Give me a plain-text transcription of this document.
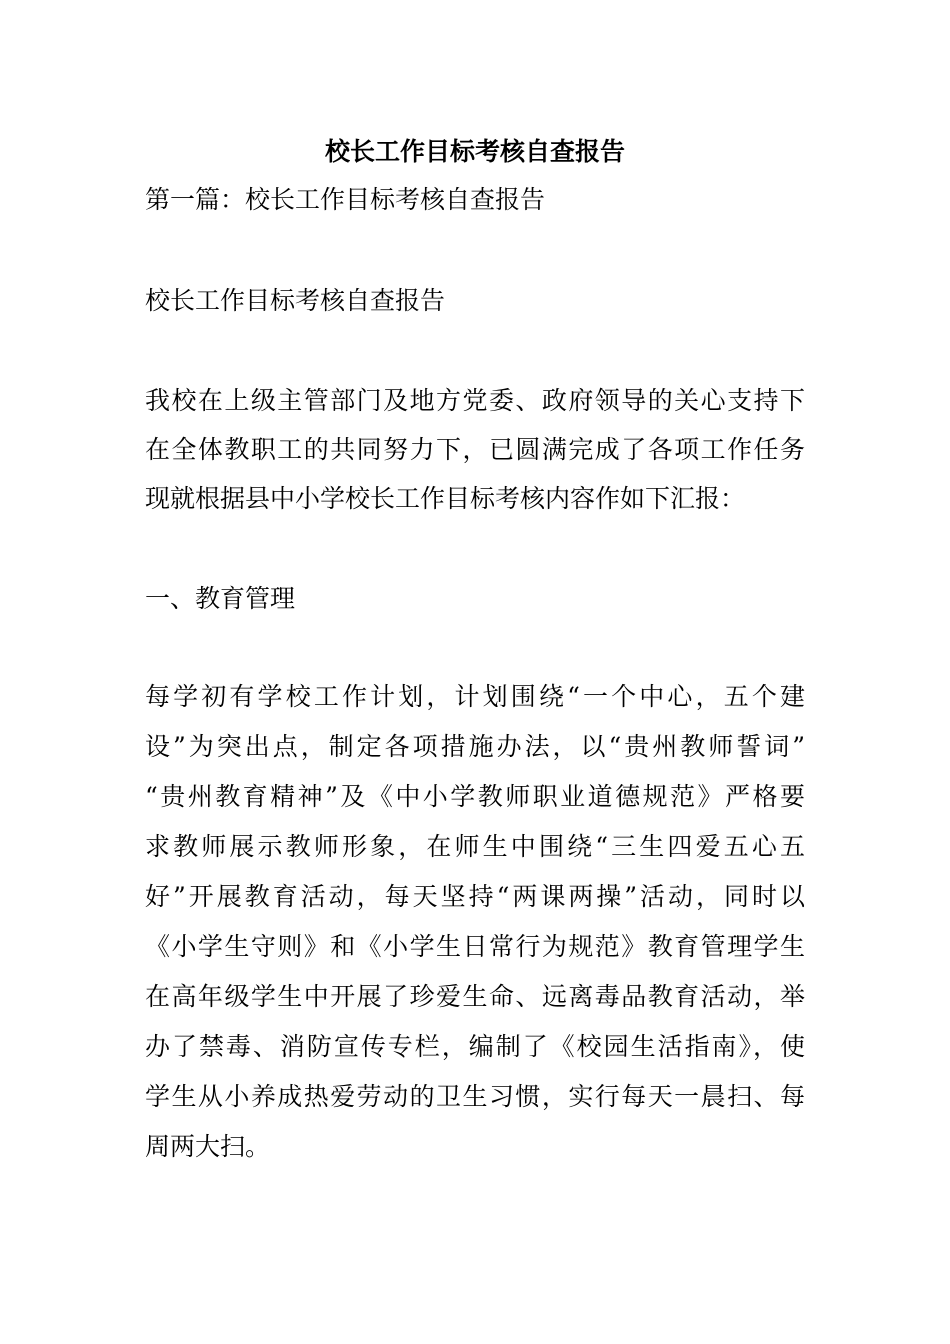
校长工作目标考核自查报告
第一篇：校长工作目标考核自查报告
校长工作目标考核自查报告
我校在上级主管部门及地方党委、政府领导的关心支持下
在全体教职工的共同努力下，已圆满完成了各项工作任务
现就根据县中小学校长工作目标考核内容作如下汇报：
一、教育管理
每学初有学校工作计划，计划围绕“一个中心，五个建
设”为突出点，制定各项措施办法，以“贵州教师誓词”
“贵州教育精神”及《中小学教师职业道德规范》严格要
求教师展示教师形象，在师生中围绕“三生四爱五心五
好”开展教育活动，每天坚持“两课两操”活动，同时以
《小学生守则》和《小学生日常行为规范》教育管理学生
在高年级学生中开展了珍爱生命、远离毒品教育活动，举
办了禁毒、消防宣传专栏，编制了《校园生活指南》，使
学生从小养成热爱劳动的卫生习惯，实行每天一晨扫、每
周两大扫。
